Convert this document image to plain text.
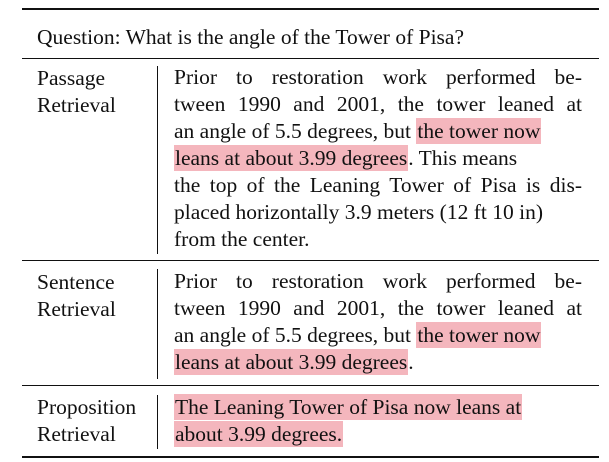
Question: What is the angle of the Tower of Pisa?
Passage
Retrieval
Prior to restoration work performed be-
tween 1990 and 2001, the tower leaned at
an angle of 5.5 degrees, but the tower now
leans at about 3.99 degrees. This means
the top of the Leaning Tower of Pisa is dis-
placed horizontally 3.9 meters (12 ft 10 in)
from the center.
Sentence
Retrieval
Prior to restoration work performed be-
tween 1990 and 2001, the tower leaned at
an angle of 5.5 degrees, but the tower now
leans at about 3.99 degrees.
Proposition
Retrieval
The Leaning Tower of Pisa now leans at
about 3.99 degrees.
